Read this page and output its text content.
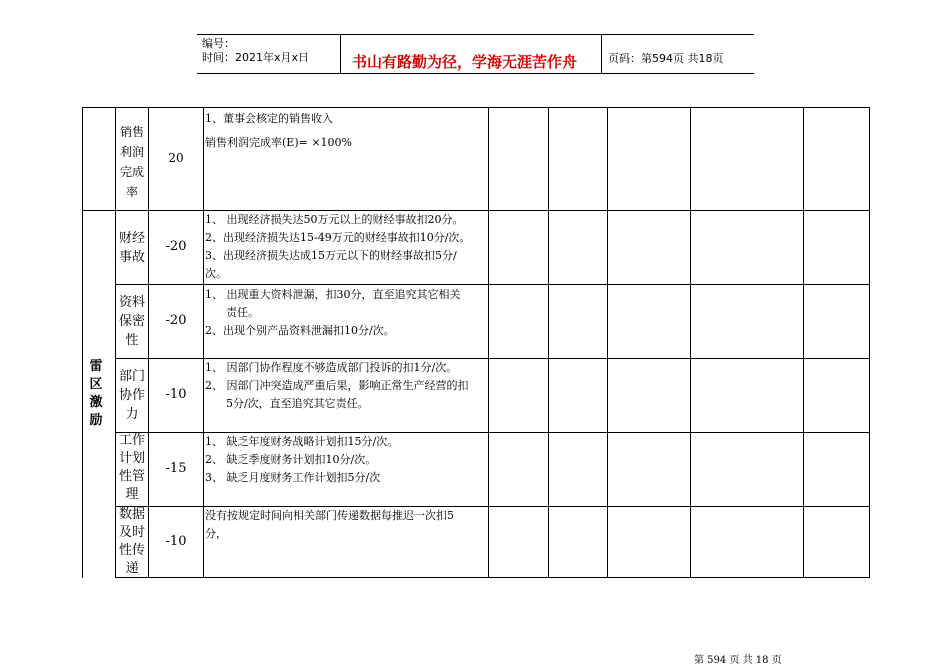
编号：
时间：2021年x月x日	书山有路勤为径，学海无涯苦作舟	页码：第594页 共18页
销售
利润
完成
率
20
1、董事会核定的销售收入
销售利润完成率(E)= ×100%
雷
区
激
励
财经
事故
-20
1、 出现经济损失达50万元以上的财经事故扣20分。
2、出现经济损失达15-49万元的财经事故扣10分/次。
3、出现经济损失达成15万元以下的财经事故扣5分/
次。
资料
保密
性
-20
1、 出现重大资料泄漏，扣30分，直至追究其它相关
责任。
2、出现个别产品资料泄漏扣10分/次。
部门
协作
力
-10
1、 因部门协作程度不够造成部门投诉的扣1分/次。
2、 因部门冲突造成严重后果，影响正常生产经营的扣
5分/次，直至追究其它责任。
工作
计划
性管
理
-15
1、 缺乏年度财务战略计划扣15分/次。
2、 缺乏季度财务计划扣10分/次。
3、 缺乏月度财务工作计划扣5分/次
数据
及时
性传
递
-10
没有按规定时间向相关部门传递数据每推迟一次扣5
分，
第 594 页 共 18 页
